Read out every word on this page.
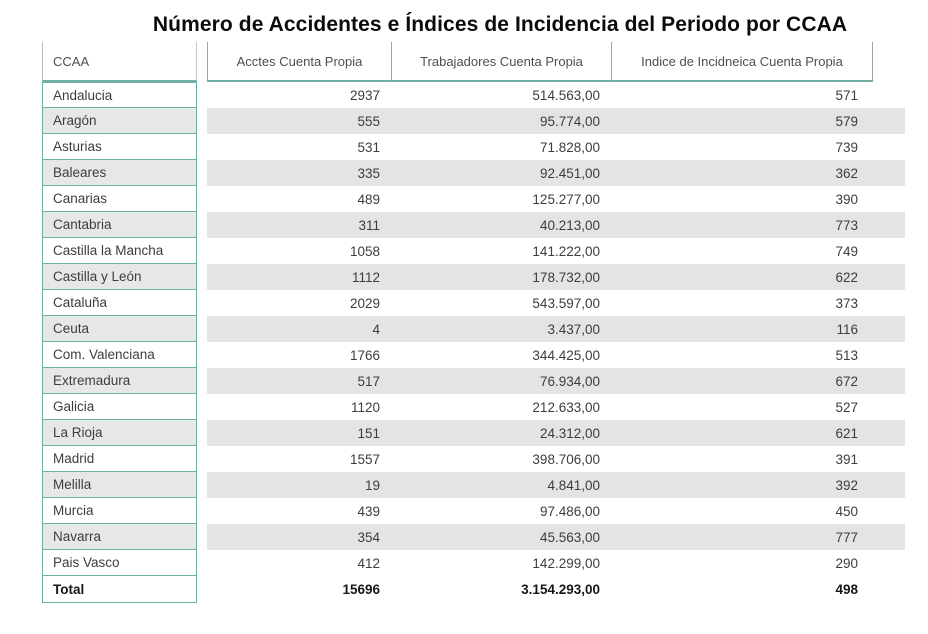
Número de Accidentes e Índices de Incidencia del Periodo por CCAA
CCAA	Acctes Cuenta Propia	Trabajadores Cuenta Propia	Indice de Incidneica Cuenta Propia
Andalucia	2937	514.563,00	571
Aragón	555	95.774,00	579
Asturias	531	71.828,00	739
Baleares	335	92.451,00	362
Canarias	489	125.277,00	390
Cantabria	311	40.213,00	773
Castilla la Mancha	1058	141.222,00	749
Castilla y León	1112	178.732,00	622
Cataluña	2029	543.597,00	373
Ceuta	4	3.437,00	116
Com. Valenciana	1766	344.425,00	513
Extremadura	517	76.934,00	672
Galicia	1120	212.633,00	527
La Rioja	151	24.312,00	621
Madrid	1557	398.706,00	391
Melilla	19	4.841,00	392
Murcia	439	97.486,00	450
Navarra	354	45.563,00	777
Pais Vasco	412	142.299,00	290
Total	15696	3.154.293,00	498
